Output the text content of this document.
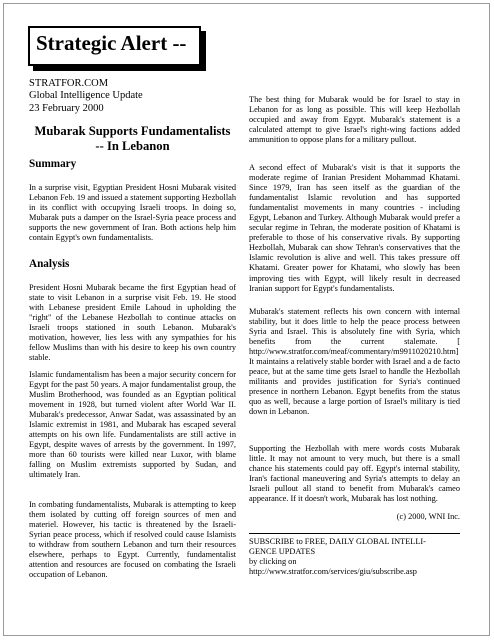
Strategic Alert --
STRATFOR.COM
Global Intelligence Update
23 February 2000
Mubarak Supports Fundamentalists
-- In Lebanon
Summary

In a surprise visit, Egyptian President Hosni Mubarak visited Lebanon Feb. 19 and issued a statement supporting Hezbollah in its conflict with occupying Israeli troops. In doing so, Mubarak puts a damper on the Israel-Syria peace process and supports the new government of Iran. Both actions help him contain Egypt's own fundamentalists.

Analysis

President Hosni Mubarak became the first Egyptian head of state to visit Lebanon in a surprise visit Feb. 19. He stood with Lebanese president Emile Lahoud in upholding the "right" of the Lebanese Hezbollah to continue attacks on Israeli troops stationed in south Lebanon. Mubarak's motivation, however, lies less with any sympathies for his fellow Muslims than with his desire to keep his own country stable.

Islamic fundamentalism has been a major security concern for Egypt for the past 50 years. A major fundamentalist group, the Muslim Brotherhood, was founded as an Egyptian political movement in 1928, but turned violent after World War II. Mubarak's predecessor, Anwar Sadat, was assassinated by an Islamic extremist in 1981, and Mubarak has escaped several attempts on his own life. Fundamentalists are still active in Egypt, despite waves of arrests by the government. In 1997, more than 60 tourists were killed near Luxor, with blame falling on Muslim extremists supported by Sudan, and ultimately Iran.

In combating fundamentalists, Mubarak is attempting to keep them isolated by cutting off foreign sources of men and materiel. However, his tactic is threatened by the Israeli-Syrian peace process, which if resolved could cause Islamists to withdraw from southern Lebanon and turn their resources elsewhere, perhaps to Egypt. Currently, fundamentalist attention and resources are focused on combating the Israeli occupation of Lebanon.

The best thing for Mubarak would be for Israel to stay in Lebanon for as long as possible. This will keep Hezbollah occupied and away from Egypt. Mubarak's statement is a calculated attempt to give Israel's right-wing factions added ammunition to oppose plans for a military pullout.

A second effect of Mubarak's visit is that it supports the moderate regime of Iranian President Mohammad Khatami. Since 1979, Iran has seen itself as the guardian of the fundamentalist Islamic revolution and has supported fundamentalist movements in many countries - including Egypt, Lebanon and Turkey. Although Mubarak would prefer a secular regime in Tehran, the moderate position of Khatami is preferable to those of his conservative rivals. By supporting Hezbollah, Mubarak can show Tehran's conservatives that the Islamic revolution is alive and well. This takes pressure off Khatami. Greater power for Khatami, who slowly has been improving ties with Egypt, will likely result in decreased Iranian support for Egypt's fundamentalists.

Mubarak's statement reflects his own concern with internal stability, but it does little to help the peace process between Syria and Israel. This is absolutely fine with Syria, which benefits from the current stalemate. [ http://www.stratfor.com/meaf/commentary/m9911020210.htm] It maintains a relatively stable border with Israel and a de facto peace, but at the same time gets Israel to handle the Hezbollah militants and provides justification for Syria's continued presence in northern Lebanon. Egypt benefits from the status quo as well, because a large portion of Israel's military is tied down in Lebanon.

Supporting the Hezbollah with mere words costs Mubarak little. It may not amount to very much, but there is a small chance his statements could pay off. Egypt's internal stability, Iran's factional maneuvering and Syria's attempts to delay an Israeli pullout all stand to benefit from Mubarak's cameo appearance. If it doesn't work, Mubarak has lost nothing.

(c) 2000, WNI Inc.
SUBSCRIBE to FREE, DAILY GLOBAL INTELLI-
GENCE UPDATES
by clicking on
http://www.stratfor.com/services/giu/subscribe.asp
